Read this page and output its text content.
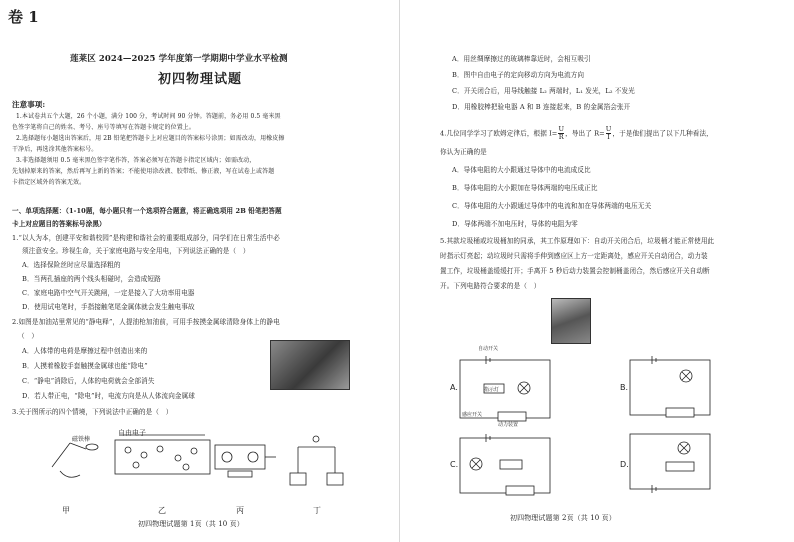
卷 1
莲莱区 2024—2025 学年度第一学期期中学业水平检测
初四物理试题
注意事项:
1.本试卷共五个大题，26 个小题，满分 100 分，考试时间 90 分钟。答题前，务必用 0.5 毫米黑
色签字笔将自己的姓名、考号、座号等填写在答题卡规定的位置上。
2.选择题每小题选出答案后，用 2B 铅笔把答题卡上对应题目的答案标号涂黑；如需改动，用橡皮擦
干净后，再选涂其他答案标号。
3.非选择题须用 0.5 毫米黑色签字笔作答，答案必须写在答题卡指定区域内；如需改动，
先划掉原来的答案，然后再写上新的答案；不能使用涂改液、胶带纸、修正液，写在试卷上或答题
卡指定区域外的答案无效。
一、单项选择题：（1-10题，每小题只有一个选项符合题意，将正确选项用 2B 铅笔把答题
卡上对应题目的答案标号涂黑）
1.“以人为本，创建平安和谐校园”是构建和谐社会的重要组成部分，同学们在日常生活中必
须注意安全。珍视生命，关于家庭电路与安全用电，下列说法正确的是（　）
A．选择保险丝时应尽量选择粗的
B．当两孔插座的两个线头相碰时，会造成短路
C．家庭电路中空气开关跳闸，一定是接入了大功率用电器
D．使用试电笔时，手指接触笔尾金属体就会发生触电事故
2.如图是加油站里常见的“静电释”，人提油枪加油前，可用手按摸金属球清除身体上的静电
（　）
A．人体带的电荷是摩擦过程中创造出来的
B．人摸着橡胶手套触摸金属球也能“除电”
C．“静电”消除后，人体的电荷就会全部消失
D．若人带正电，“除电”时，电流方向是从人体流向金属球
3.关于图所示的四个情境，下列说法中正确的是（　）
磁铁棒
自由电子
甲	乙	丙	丁
初四物理试题第 1页（共 10 页）
A．用丝绸摩擦过的玻璃棒靠近时，会相互吸引
B．图中自由电子的定向移动方向为电流方向
C．开关闭合后，用导线触接 L₂ 两端时，L₁ 发光，L₂ 不发光
D．用橡胶棒把验电器 A 和 B 连接起来，B 的金属箔会张开
4.几位同学学习了欧姆定律后，根据 $I= \frac{U}{R}$ ，导出了 $R= \frac{U}{I}$ ，于是他们提出了以下几种看法，
你认为正确的是
A．导体电阻的大小跟通过导体中的电流成反比
B．导体电阻的大小跟加在导体两端的电压成正比
C．导体电阻的大小跟通过导体中的电流和加在导体两端的电压无关
D．导体两端不加电压时，导体的电阻为零
5.其款垃圾桶或垃圾桶加的同承，其工作原理如下：自动开关闭合后，垃圾桶才能正常使用此
时指示灯亮起；动垃圾时只需将手伸到感应区上方一定距离处，感应开关自动闭合，动力装
置工作，垃圾桶盖缓缓打开；手离开 5 秒后动力装置会控制桶盖闭合，然后感应开关自动断
开。下列电路符合要求的是（　）
A.	B.
C.	D.
自动开关
指示灯
感应开关
动力装置
初四物理试题第 2页（共 10 页）
